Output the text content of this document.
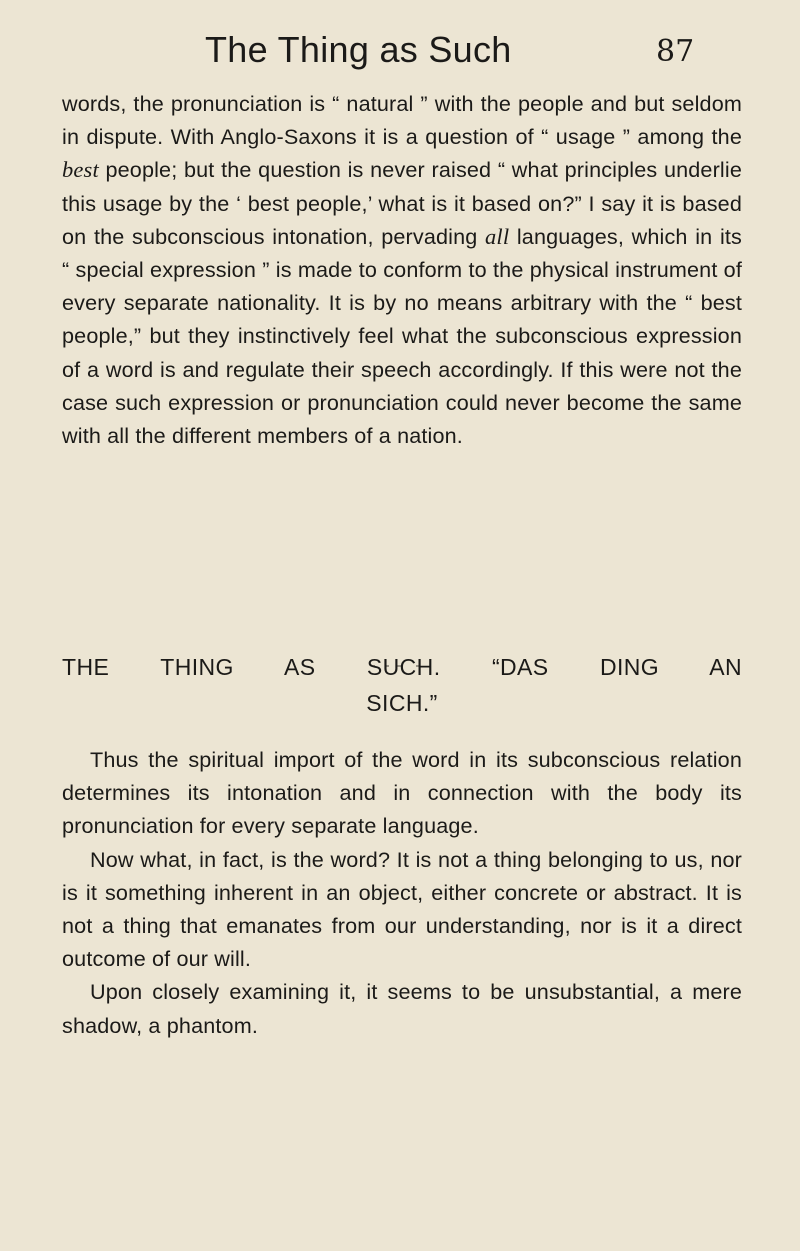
The Thing as Such	87

words, the pronunciation is “ natural ” with the people and but seldom in dispute. With Anglo-Saxons it is a question of “ usage ” among the best people; but the question is never raised “ what principles underlie this usage by the ‘ best people,’ what is it based on?” I say it is based on the subconscious intonation, pervading all languages, which in its “ special expression ” is made to conform to the physical instrument of every separate nationality. It is by no means arbitrary with the “ best people,” but they instinctively feel what the subconscious expression of a word is and regulate their speech accordingly. If this were not the case such expression or pronunciation could never become the same with all the different members of a nation.

THE THING AS SUCH. “DAS DING AN
SICH.”

Thus the spiritual import of the word in its subconscious relation determines its intonation and in connection with the body its pronunciation for every separate language.

Now what, in fact, is the word? It is not a thing belonging to us, nor is it something inherent in an object, either concrete or abstract. It is not a thing that emanates from our understanding, nor is it a direct outcome of our will.

Upon closely examining it, it seems to be unsubstantial, a mere shadow, a phantom.
